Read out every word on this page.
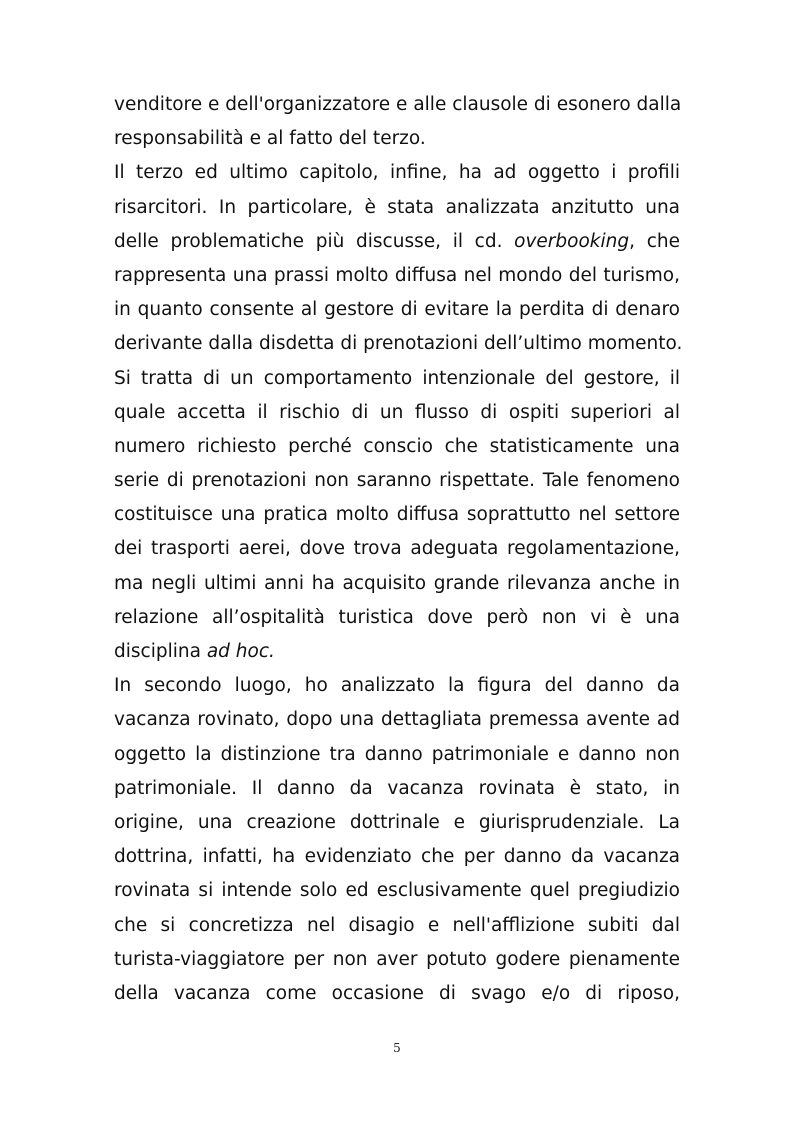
venditore e dell'organizzatore e alle clausole di esonero dalla
responsabilità e al fatto del terzo.
Il terzo ed ultimo capitolo, infine, ha ad oggetto i profili
risarcitori. In particolare, è stata analizzata anzitutto una
delle problematiche più discusse, il cd. overbooking, che
rappresenta una prassi molto diffusa nel mondo del turismo,
in quanto consente al gestore di evitare la perdita di denaro
derivante dalla disdetta di prenotazioni dell’ultimo momento.
Si tratta di un comportamento intenzionale del gestore, il
quale accetta il rischio di un flusso di ospiti superiori al
numero richiesto perché conscio che statisticamente una
serie di prenotazioni non saranno rispettate. Tale fenomeno
costituisce una pratica molto diffusa soprattutto nel settore
dei trasporti aerei, dove trova adeguata regolamentazione,
ma negli ultimi anni ha acquisito grande rilevanza anche in
relazione all’ospitalità turistica dove però non vi è una
disciplina ad hoc.
In secondo luogo, ho analizzato la figura del danno da
vacanza rovinato, dopo una dettagliata premessa avente ad
oggetto la distinzione tra danno patrimoniale e danno non
patrimoniale. Il danno da vacanza rovinata è stato, in
origine, una creazione dottrinale e giurisprudenziale. La
dottrina, infatti, ha evidenziato che per danno da vacanza
rovinata si intende solo ed esclusivamente quel pregiudizio
che si concretizza nel disagio e nell'afflizione subiti dal
turista-viaggiatore per non aver potuto godere pienamente
della vacanza come occasione di svago e/o di riposo,
5
